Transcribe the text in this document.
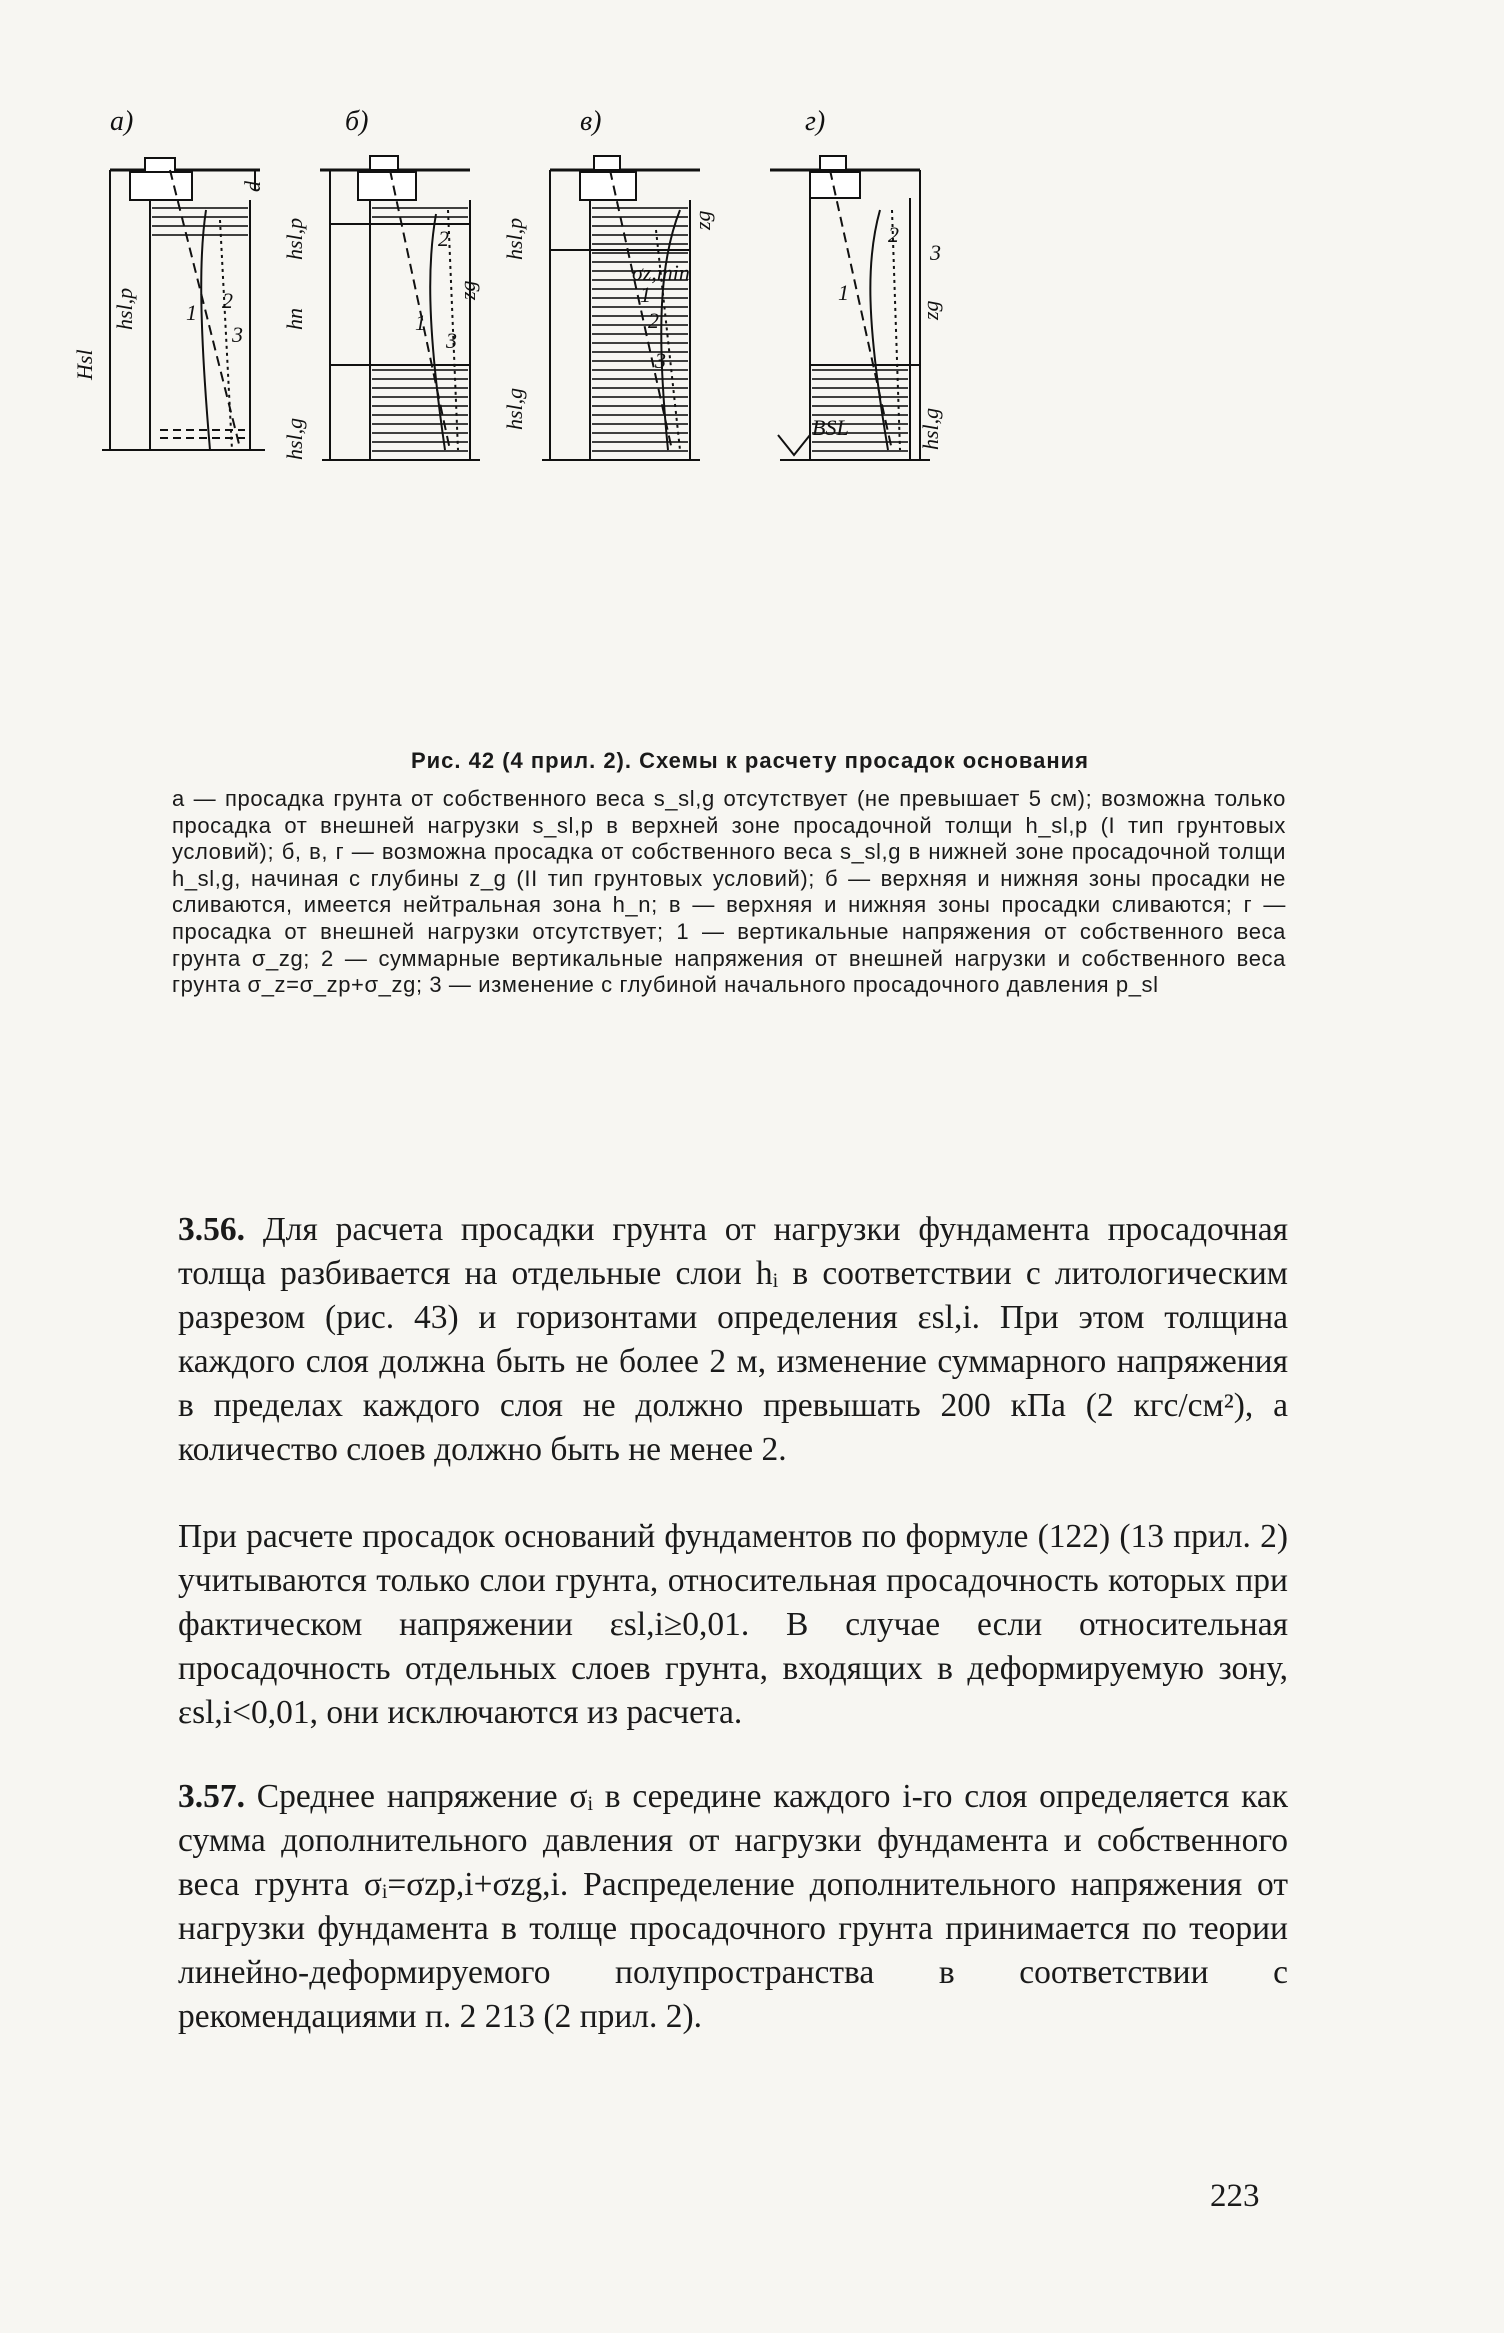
а)	б)	в)	г)
d
hsl,p
Hsl
1 2
3
hsl,p
hn
hsl,g
zg
1
2
3
hsl,p
hsl,g
zg
σz,min
1
2
3
zg
hsl,g
BSL
1
2
3
Рис. 42 (4 прил. 2). Схемы к расчету просадок основания
а — просадка грунта от собственного веса s_sl,g отсутствует (не превышает 5 см); возможна только просадка от внешней нагрузки s_sl,p в верхней зоне просадочной толщи h_sl,p (I тип грунтовых условий); б, в, г — возможна просадка от собственного веса s_sl,g в нижней зоне просадочной толщи h_sl,g, начиная с глубины z_g (II тип грунтовых условий); б — верхняя и нижняя зоны просадки не сливаются, имеется нейтральная зона h_n; в — верхняя и нижняя зоны просадки сливаются; г — просадка от внешней нагрузки отсутствует; 1 — вертикальные напряжения от собственного веса грунта σ_zg; 2 — суммарные вертикальные напряжения от внешней нагрузки и собственного веса грунта σ_z=σ_zp+σ_zg; 3 — изменение с глубиной начального просадочного давления p_sl

3.56. Для расчета просадки грунта от нагрузки фундамента просадочная толща разбивается на отдельные слои hᵢ в соответствии с литологическим разрезом (рис. 43) и горизонтами определения εsl,i. При этом толщина каждого слоя должна быть не более 2 м, изменение суммарного напряжения в пределах каждого слоя не должно превышать 200 кПа (2 кгс/см²), а количество слоев должно быть не менее 2.

При расчете просадок оснований фундаментов по формуле (122) (13 прил. 2) учитываются только слои грунта, относительная просадочность которых при фактическом напряжении εsl,i≥0,01. В случае если относительная просадочность отдельных слоев грунта, входящих в деформируемую зону, εsl,i<0,01, они исключаются из расчета.

3.57. Среднее напряжение σᵢ в середине каждого i-го слоя определяется как сумма дополнительного давления от нагрузки фундамента и собственного веса грунта σᵢ=σzp,i+σzg,i. Распределение дополнительного напряжения от нагрузки фундамента в толще просадочного грунта принимается по теории линейно-деформируемого полупространства в соответствии с рекомендациями п. 2 213 (2 прил. 2).

223
